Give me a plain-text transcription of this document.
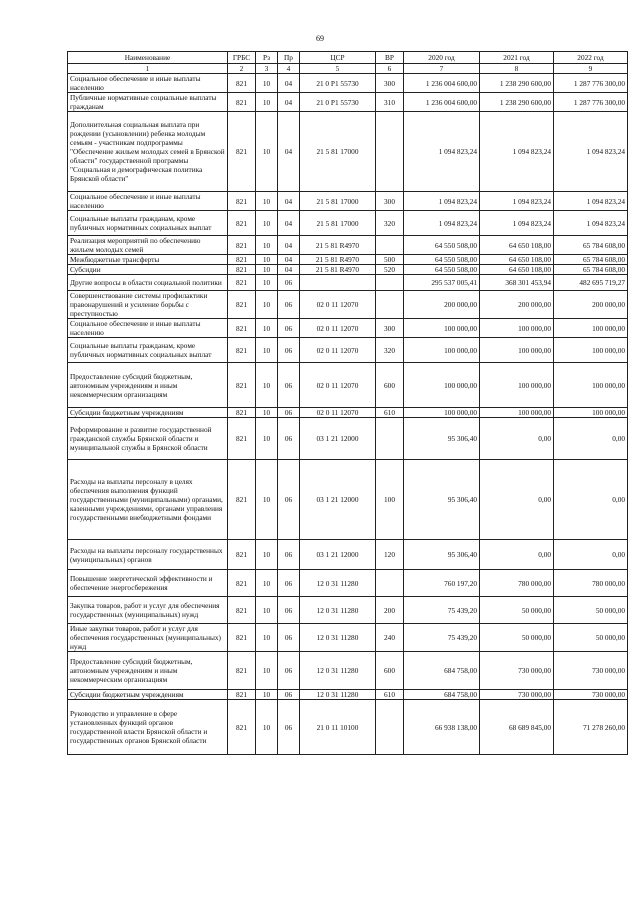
69
Наименование	ГРБС	Рз	Пр	ЦСР	ВР	2020 год	2021 год	2022 год
1	2	3	4	5	6	7	8	9
Социальное обеспечение и иные выплаты населению	821	10	04	21 0 P1 55730	300	1 236 004 600,00	1 238 290 600,00	1 287 776 300,00
Публичные нормативные социальные выплаты гражданам	821	10	04	21 0 P1 55730	310	1 236 004 600,00	1 238 290 600,00	1 287 776 300,00
Дополнительная социальная выплата при рождении (усыновлении) ребенка молодым семьям - участникам подпрограммы "Обеспечение жильем молодых семей в Брянской области" государственной программы "Социальная и демографическая политика Брянской области"	821	10	04	21 5 81 17000		1 094 823,24	1 094 823,24	1 094 823,24
Социальное обеспечение и иные выплаты населению	821	10	04	21 5 81 17000	300	1 094 823,24	1 094 823,24	1 094 823,24
Социальные выплаты гражданам, кроме публичных нормативных социальных выплат	821	10	04	21 5 81 17000	320	1 094 823,24	1 094 823,24	1 094 823,24
Реализация мероприятий по обеспечению жильем молодых семей	821	10	04	21 5 81 R4970		64 550 508,00	64 650 108,00	65 784 608,00
Межбюджетные трансферты	821	10	04	21 5 81 R4970	500	64 550 508,00	64 650 108,00	65 784 608,00
Субсидии	821	10	04	21 5 81 R4970	520	64 550 508,00	64 650 108,00	65 784 608,00
Другие вопросы в области социальной политики	821	10	06			295 537 005,41	368 301 453,94	482 695 719,27
Совершенствование системы профилактики правонарушений и усиление борьбы с преступностью	821	10	06	02 0 11 12070		200 000,00	200 000,00	200 000,00
Социальное обеспечение и иные выплаты населению	821	10	06	02 0 11 12070	300	100 000,00	100 000,00	100 000,00
Социальные выплаты гражданам, кроме публичных нормативных социальных выплат	821	10	06	02 0 11 12070	320	100 000,00	100 000,00	100 000,00
Предоставление субсидий бюджетным, автономным учреждениям и иным некоммерческим организациям	821	10	06	02 0 11 12070	600	100 000,00	100 000,00	100 000,00
Субсидии бюджетным учреждениям	821	10	06	02 0 11 12070	610	100 000,00	100 000,00	100 000,00
Реформирование и развитие государственной гражданской службы Брянской области и муниципальной службы в Брянской области	821	10	06	03 1 21 12000		95 306,40	0,00	0,00
Расходы на выплаты персоналу в целях обеспечения выполнения функций государственными (муниципальными) органами, казенными учреждениями, органами управления государственными внебюджетными фондами	821	10	06	03 1 21 12000	100	95 306,40	0,00	0,00
Расходы на выплаты персоналу государственных (муниципальных) органов	821	10	06	03 1 21 12000	120	95 306,40	0,00	0,00
Повышение энергетической эффективности и обеспечение энергосбережения	821	10	06	12 0 31 11280		760 197,20	780 000,00	780 000,00
Закупка товаров, работ и услуг для обеспечения государственных (муниципальных) нужд	821	10	06	12 0 31 11280	200	75 439,20	50 000,00	50 000,00
Иные закупки товаров, работ и услуг для обеспечения государственных (муниципальных) нужд	821	10	06	12 0 31 11280	240	75 439,20	50 000,00	50 000,00
Предоставление субсидий бюджетным, автономным учреждениям и иным некоммерческим организациям	821	10	06	12 0 31 11280	600	684 758,00	730 000,00	730 000,00
Субсидии бюджетным учреждениям	821	10	06	12 0 31 11280	610	684 758,00	730 000,00	730 000,00
Руководство и управление в сфере установленных функций органов государственной власти Брянской области и государственных органов Брянской области	821	10	06	21 0 11 10100		66 938 138,00	68 689 845,00	71 278 260,00
